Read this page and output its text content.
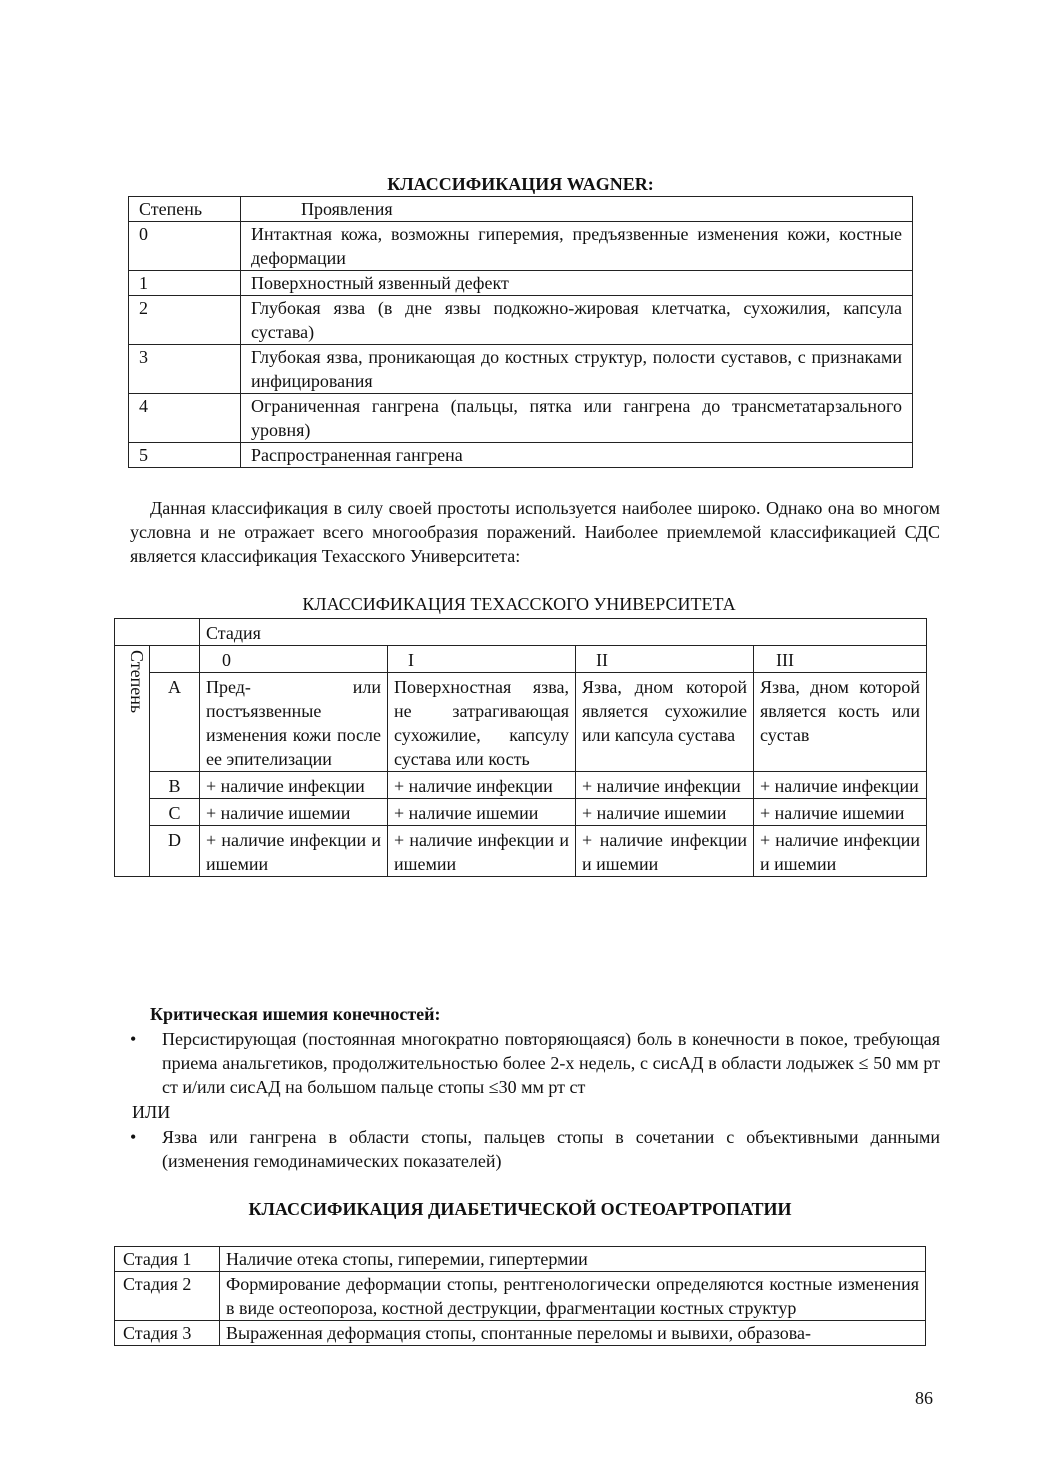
КЛАССИФИКАЦИЯ WAGNER:
Степень	Проявления
0	Интактная кожа, возможны гиперемия, предъязвенные изменения кожи, костные деформации
1	Поверхностный язвенный дефект
2	Глубокая язва (в дне язвы подкожно-жировая клетчатка, сухожилия, капсула сустава)
3	Глубокая язва, проникающая до костных структур, полости суставов, с признаками инфицирования
4	Ограниченная гангрена (пальцы, пятка или гангрена до трансметатарзального уровня)
5	Распространенная гангрена
Данная классификация в силу своей простоты используется наиболее широко. Однако она во многом условна и не отражает всего многообразия поражений. Наиболее приемлемой классификацией СДС является классификация Техасского Университета:
КЛАССИФИКАЦИЯ ТЕХАССКОГО УНИВЕРСИТЕТА
		Стадия			
Степень		0	I	II	III
	A	Пред- или постъязвенные изменения кожи после ее эпителизации	Поверхностная язва, не затрагивающая сухожилие, капсулу сустава или кость	Язва, дном которой является сухожилие или капсула сустава	Язва, дном которой является кость или сустав
	B	+ наличие инфекции	+ наличие инфекции	+ наличие инфекции	+ наличие инфекции
	C	+ наличие ишемии	+ наличие ишемии	+ наличие ишемии	+ наличие ишемии
	D	+ наличие инфекции и ишемии	+ наличие инфекции и ишемии	+ наличие инфекции и ишемии	+ наличие инфекции и ишемии
Критическая ишемия конечностей:
• Персистирующая (постоянная многократно повторяющаяся) боль в конечности в покое, требующая приема анальгетиков, продолжительностью более 2-х недель, с сисАД в области лодыжек ≤ 50 мм рт ст и/или сисАД на большом пальце стопы ≤30 мм рт ст
ИЛИ
• Язва или гангрена в области стопы, пальцев стопы в сочетании с объективными данными (изменения гемодинамических показателей)
КЛАССИФИКАЦИЯ ДИАБЕТИЧЕСКОЙ ОСТЕОАРТРОПАТИИ
Стадия 1	Наличие отека стопы, гиперемии, гипертермии
Стадия 2	Формирование деформации стопы, рентгенологически определяются костные изменения в виде остеопороза, костной деструкции, фрагментации костных структур
Стадия 3	Выраженная деформация стопы, спонтанные переломы и вывихи, образова-
86
